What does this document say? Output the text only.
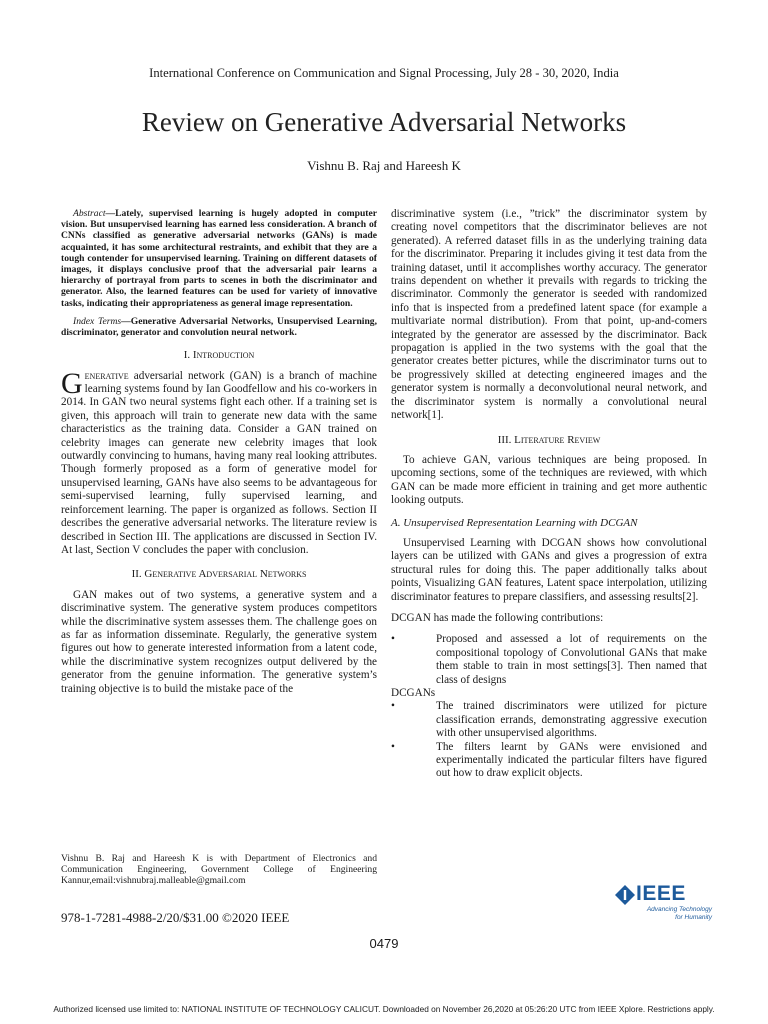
International Conference on Communication and Signal Processing, July 28 - 30, 2020, India
Review on Generative Adversarial Networks
Vishnu B. Raj and Hareesh K

Abstract—Lately, supervised learning is hugely adopted in computer vision. But unsupervised learning has earned less consideration. A branch of CNNs classified as generative adversarial networks (GANs) is made acquainted, it has some architectural restraints, and exhibit that they are a tough contender for unsupervised learning. Training on different datasets of images, it displays conclusive proof that the adversarial pair learns a hierarchy of portrayal from parts to scenes in both the discriminator and generator. Also, the learned features can be used for variety of innovative tasks, indicating their appropriateness as general image representation.

Index Terms—Generative Adversarial Networks, Unsupervised Learning, discriminator, generator and convolution neural network.

I. Introduction

Generative adversarial network (GAN) is a branch of machine learning systems found by Ian Goodfellow and his co-workers in 2014. In GAN two neural systems fight each other. If a training set is given, this approach will train to generate new data with the same characteristics as the training data. Consider a GAN trained on celebrity images can generate new celebrity images that look outwardly convincing to humans, having many real looking attributes. Though formerly proposed as a form of generative model for unsupervised learning, GANs have also seems to be advantageous for semi-supervised learning, fully supervised learning, and reinforcement learning. The paper is organized as follows. Section II describes the generative adversarial networks. The literature review is described in Section III. The applications are discussed in Section IV. At last, Section V concludes the paper with conclusion.

II. Generative Adversarial Networks

GAN makes out of two systems, a generative system and a discriminative system. The generative system produces competitors while the discriminative system assesses them. The challenge goes on as far as information disseminate. Regularly, the generative system figures out how to generate interested information from a latent code, while the discriminative system recognizes output delivered by the generator from the genuine information. The generative system’s training objective is to build the mistake pace of the

discriminative system (i.e., ”trick” the discriminator system by creating novel competitors that the discriminator believes are not generated). A referred dataset fills in as the underlying training data for the discriminator. Preparing it includes giving it test data from the training dataset, until it accomplishes worthy accuracy. The generator trains dependent on whether it prevails with regards to tricking the discriminator. Commonly the generator is seeded with randomized info that is inspected from a predefined latent space (for example a multivariate normal distribution). From that point, up-and-comers integrated by the generator are assessed by the discriminator. Back propagation is applied in the two systems with the goal that the generator creates better pictures, while the discriminator turns out to be progressively skilled at detecting engineered images and the generator system is normally a deconvolutional neural network, and the discriminator system is normally a convolutional neural network[1].

III. Literature Review

To achieve GAN, various techniques are being proposed. In upcoming sections, some of the techniques are reviewed, with which GAN can be made more efficient in training and get more authentic looking outputs.

A. Unsupervised Representation Learning with DCGAN

Unsupervised Learning with DCGAN shows how convolutional layers can be utilized with GANs and gives a progression of extra structural rules for doing this. The paper additionally talks about points, Visualizing GAN features, Latent space interpolation, utilizing discriminator features to prepare classifiers, and assessing results[2].

DCGAN has made the following contributions:

•	Proposed and assessed a lot of requirements on the compositional topology of Convolutional GANs that make them stable to train in most settings[3]. Then named that class of designs

DCGANs

•	The trained discriminators were utilized for picture classification errands, demonstrating aggressive execution with other unsupervised algorithms.
•	The filters learnt by GANs were envisioned and experimentally indicated the particular filters have figured out how to draw explicit objects.
Vishnu B. Raj and Hareesh K is with Department of Electronics and Communication Engineering, Government College of Engineering Kannur,email:vishnubraj.malleable@gmail.com
978-1-7281-4988-2/20/$31.00 ©2020 IEEE
IEEE
Advancing Technology for Humanity
0479
Authorized licensed use limited to: NATIONAL INSTITUTE OF TECHNOLOGY CALICUT. Downloaded on November 26,2020 at 05:26:20 UTC from IEEE Xplore. Restrictions apply.
